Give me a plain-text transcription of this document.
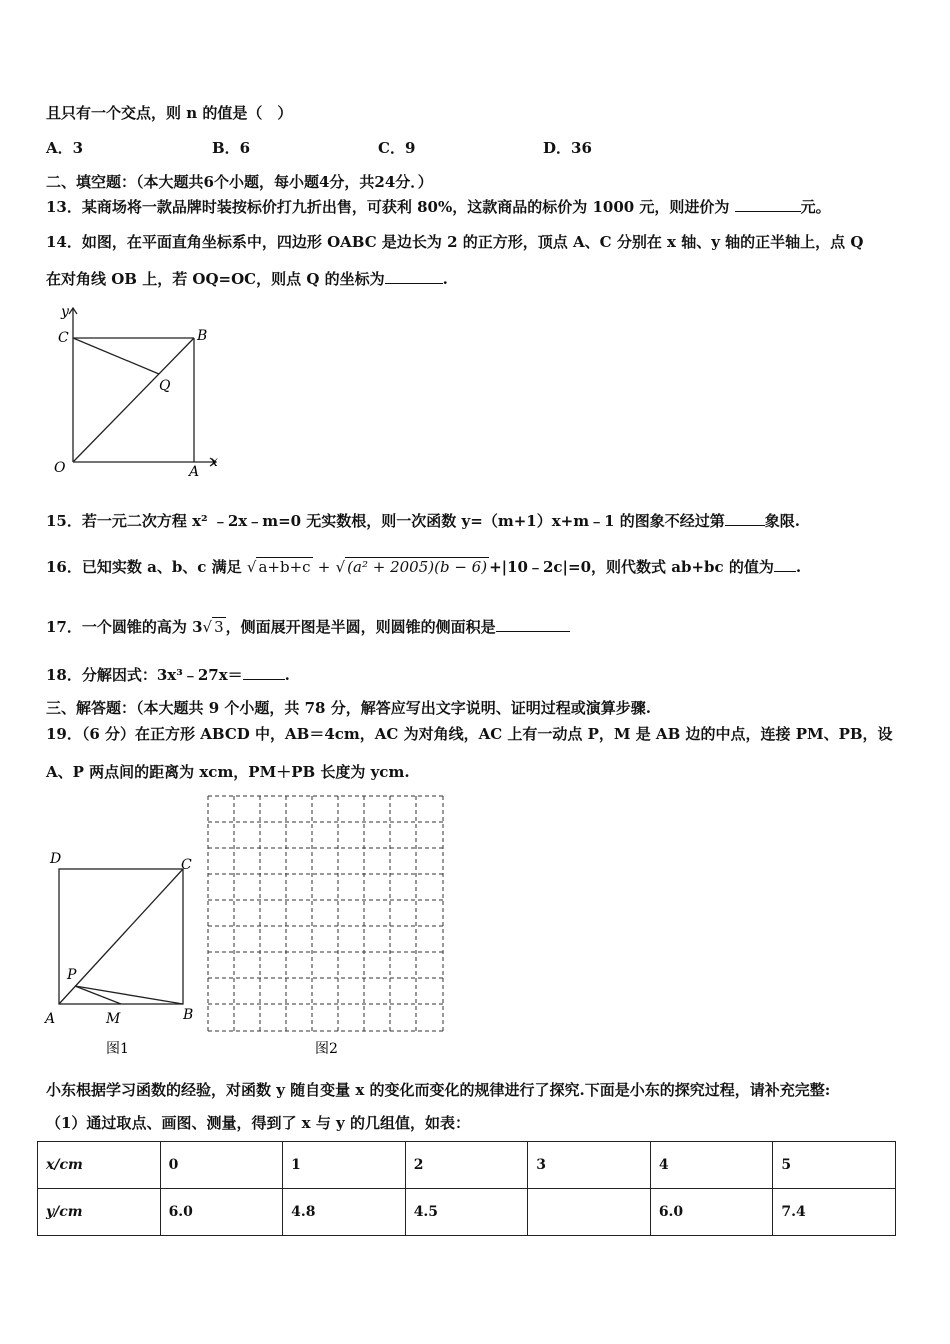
且只有一个交点，则 n 的值是（　）
A．3	B．6	C．9	D．36
二、填空题：（本大题共6个小题，每小题4分，共24分．）
13．某商场将一款品牌时装按标价打九折出售，可获利 80%，这款商品的标价为 1000 元，则进价为	元。
14．如图，在平面直角坐标系中，四边形 OABC 是边长为 2 的正方形，顶点 A、C 分别在 x 轴、y 轴的正半轴上，点 Q
在对角线 OB 上，若 OQ=OC，则点 Q 的坐标为	.
C	B
Q
O	A
x
y
15．若一元二次方程 x² ﹣2x﹣m=0 无实数根，则一次函数 y=（m+1）x+m﹣1 的图象不经过第	象限.
16．已知实数 a、b、c 满足 √ a+b+c + √ (a² + 2005)(b − 6) +|10﹣2c|=0，则代数式 ab+bc 的值为 .
17．一个圆锥的高为 3√ 3 ，侧面展开图是半圆，则圆锥的侧面积是
18．分解因式：3x³﹣27x＝	.
三、解答题：（本大题共 9 个小题，共 78 分，解答应写出文字说明、证明过程或演算步骤.
19．（6 分）在正方形 ABCD 中，AB＝4cm，AC 为对角线，AC 上有一动点 P，M 是 AB 边的中点，连接 PM、PB，设
A、P 两点间的距离为 xcm，PM＋PB 长度为 ycm.
D	C
P
A	M	B
图1	图2
小东根据学习函数的经验，对函数 y 随自变量 x 的变化而变化的规律进行了探究.下面是小东的探究过程，请补充完整:
（1）通过取点、画图、测量，得到了 x 与 y 的几组值，如表：
x/cm	0	1	2	3	4	5
y/cm	6.0	4.8	4.5		6.0	7.4
